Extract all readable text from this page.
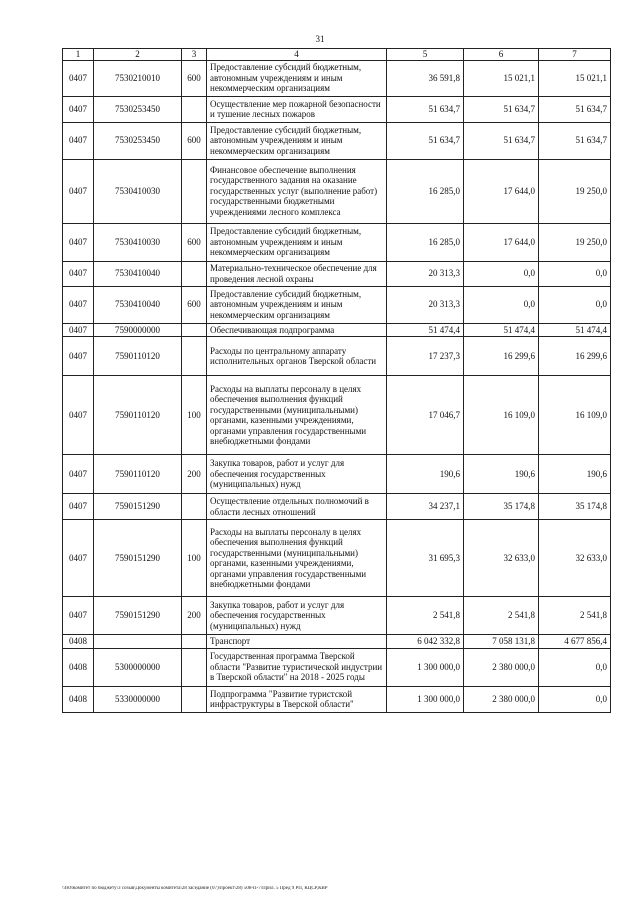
31
1	2	3	4	5	6	7
0407	7530210010	600	Предоставление субсидий бюджетным, автономным учреждениям и иным некоммерческим организациям	36 591,8	15 021,1	15 021,1
0407	7530253450		Осуществление мер пожарной безопасности и тушение лесных пожаров	51 634,7	51 634,7	51 634,7
0407	7530253450	600	Предоставление субсидий бюджетным, автономным учреждениям и иным некоммерческим организациям	51 634,7	51 634,7	51 634,7
0407	7530410030		Финансовое обеспечение выполнения государственного задания на оказание государственных услуг (выполнение работ) государственными бюджетными учреждениями лесного комплекса	16 285,0	17 644,0	19 250,0
0407	7530410030	600	Предоставление субсидий бюджетным, автономным учреждениям и иным некоммерческим организациям	16 285,0	17 644,0	19 250,0
0407	7530410040		Материально-техническое обеспечение для проведения лесной охраны	20 313,3	0,0	0,0
0407	7530410040	600	Предоставление субсидий бюджетным, автономным учреждениям и иным некоммерческим организациям	20 313,3	0,0	0,0
0407	7590000000		Обеспечивающая подпрограмма	51 474,4	51 474,4	51 474,4
0407	7590110120		Расходы по центральному аппарату исполнительных органов Тверской области	17 237,3	16 299,6	16 299,6
0407	7590110120	100	Расходы на выплаты персоналу в целях обеспечения выполнения функций государственными (муниципальными) органами, казенными учреждениями, органами управления государственными внебюджетными фондами	17 046,7	16 109,0	16 109,0
0407	7590110120	200	Закупка товаров, работ и услуг для обеспечения государственных (муниципальных) нужд	190,6	190,6	190,6
0407	7590151290		Осуществление отдельных полномочий в области лесных отношений	34 237,1	35 174,8	35 174,8
0407	7590151290	100	Расходы на выплаты персоналу в целях обеспечения выполнения функций государственными (муниципальными) органами, казенными учреждениями, органами управления государственными внебюджетными фондами	31 695,3	32 633,0	32 633,0
0407	7590151290	200	Закупка товаров, работ и услуг для обеспечения государственных (муниципальных) нужд	2 541,8	2 541,8	2 541,8
0408			Транспорт	6 042 332,8	7 058 131,8	4 677 856,4
0408	5300000000		Государственная программа Тверской области "Развитие туристической индустрии в Тверской области" на 2018 - 2025 годы	1 300 000,0	2 380 000,0	0,0
0408	5330000000		Подпрограмма "Развитие туристской инфраструктуры в Тверской области"	1 300 000,0	2 380 000,0	0,0
\\fs0\Комитет по бюджету\3 созыв\Документы комитета\28 заседание (07)\проект\28) 508-П-7\Прил. 5 Пред 9 РП, КЦСР,КВР
